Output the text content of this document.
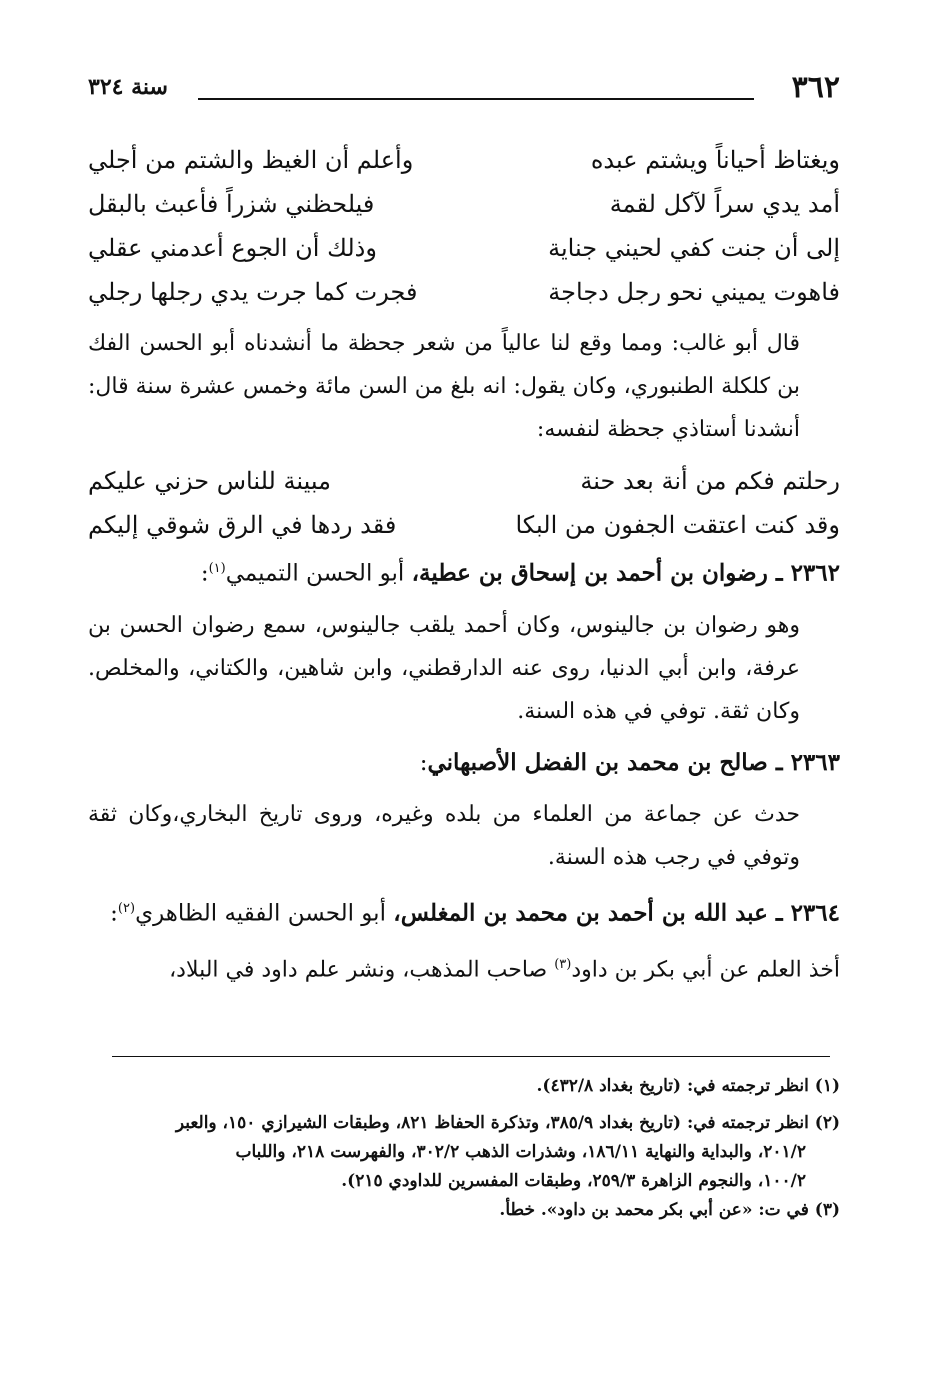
٣٦٢
سنة ٣٢٤
ويغتاظ أحياناً ويشتم عبده
وأعلم أن الغيظ والشتم من أجلي
أمد يدي سراً لآكل لقمة
فيلحظني شزراً فأعبث بالبقل
إلى أن جنت كفي لحيني جناية
وذلك أن الجوع أعدمني عقلي
فاهوت يميني نحو رجل دجاجة
فجرت كما جرت يدي رجلها رجلي

قال أبو غالب: ومما وقع لنا عالياً من شعر جحظة ما أنشدناه أبو الحسن الفك بن كلكلة الطنبوري، وكان يقول: انه بلغ من السن مائة وخمس عشرة سنة قال: أنشدنا أستاذي جحظة لنفسه:

رحلتم فكم من أنة بعد حنة
مبينة للناس حزني عليكم
وقد كنت اعتقت الجفون من البكا
فقد ردها في الرق شوقي إليكم

٢٣٦٢ ـ رضوان بن أحمد بن إسحاق بن عطية، أبو الحسن التميمي$^{(١)}$:

وهو رضوان بن جالينوس، وكان أحمد يلقب جالينوس، سمع رضوان الحسن بن عرفة، وابن أبي الدنيا، روى عنه الدارقطني، وابن شاهين، والكتاني، والمخلص. وكان ثقة. توفي في هذه السنة.

٢٣٦٣ ـ صالح بن محمد بن الفضل الأصبهاني:

حدث عن جماعة من العلماء من بلده وغيره، وروى تاريخ البخاري،وكان ثقة وتوفي في رجب هذه السنة.

٢٣٦٤ ـ عبد الله بن أحمد بن محمد بن المغلس، أبو الحسن الفقيه الظاهري$^{(٢)}$:

أخذ العلم عن أبي بكر بن داود$^{(٣)}$ صاحب المذهب، ونشر علم داود في البلاد،

(١) انظر ترجمته في: (تاريخ بغداد ٤٣٢/٨).

(٢) انظر ترجمته في: (تاريخ بغداد ٣٨٥/٩، وتذكرة الحفاظ ٨٢١، وطبقات الشيرازي ١٥٠، والعبر
٢٠١/٢، والبداية والنهاية ١٨٦/١١، وشذرات الذهب ٣٠٢/٢، والفهرست ٢١٨، واللباب
١٠٠/٢، والنجوم الزاهرة ٢٥٩/٣، وطبقات المفسرين للداودي ٢١٥).

(٣) في ت: «عن أبي بكر محمد بن داود». خطأ.
